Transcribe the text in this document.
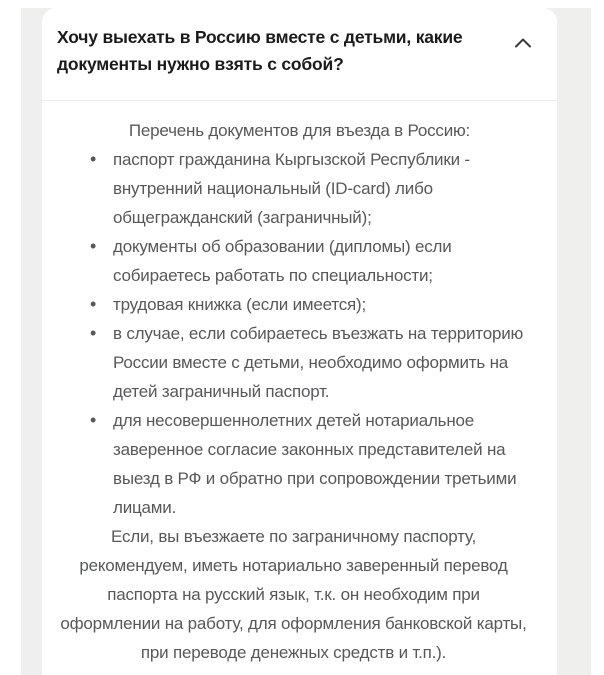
Хочу выехать в Россию вместе с детьми, какие документы нужно взять с собой?

Перечень документов для въезда в Россию:

• паспорт гражданина Кыргызской Республики - внутренний национальный (ID-card) либо общегражданский (заграничный);
• документы об образовании (дипломы) если собираетесь работать по специальности;
• трудовая книжка (если имеется);
• в случае, если собираетесь въезжать на территорию России вместе с детьми, необходимо оформить на детей заграничный паспорт.
• для несовершеннолетних детей нотариальное заверенное согласие законных представителей на выезд в РФ и обратно при сопровождении третьими лицами.

Если, вы въезжаете по заграничному паспорту, рекомендуем, иметь нотариально заверенный перевод паспорта на русский язык, т.к. он необходим при оформлении на работу, для оформления банковской карты, при переводе денежных средств и т.п.).
